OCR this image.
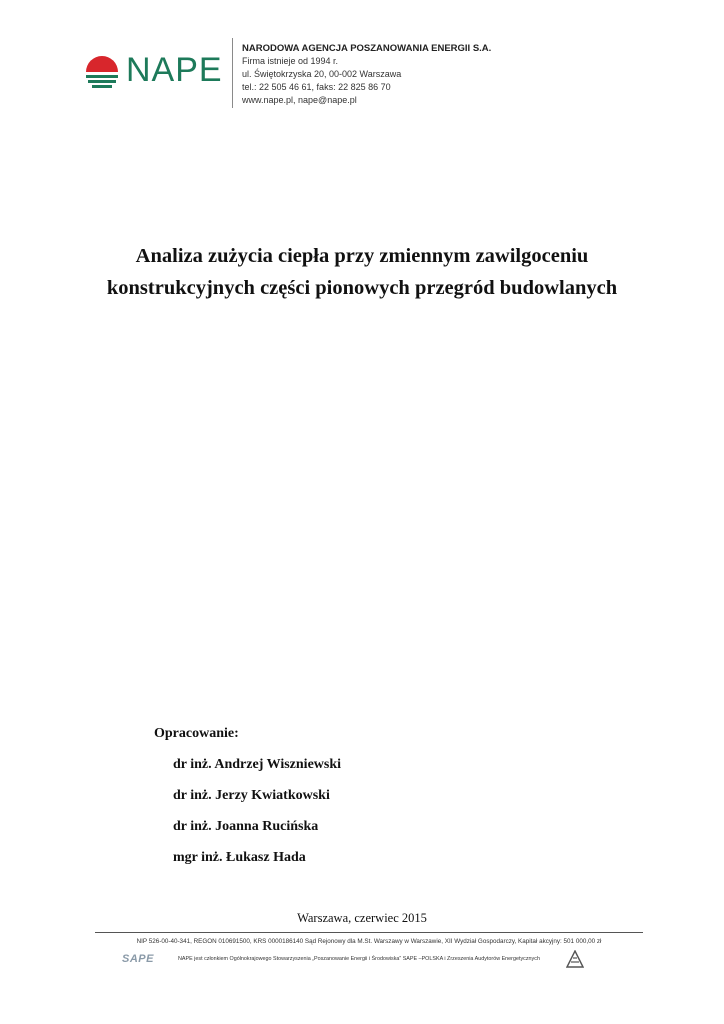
NAPE
NARODOWA AGENCJA POSZANOWANIA ENERGII S.A.
Firma istnieje od 1994 r.
ul. Świętokrzyska 20, 00-002 Warszawa
tel.: 22 505 46 61, faks: 22 825 86 70
www.nape.pl, nape@nape.pl
Analiza zużycia ciepła przy zmiennym zawilgoceniu
konstrukcyjnych części pionowych przegród budowlanych
Opracowanie:
dr inż. Andrzej Wiszniewski
dr inż. Jerzy Kwiatkowski
dr inż. Joanna Rucińska
mgr inż. Łukasz Hada
Warszawa, czerwiec 2015
NIP 526-00-40-341, REGON 010691500, KRS 0000186140 Sąd Rejonowy dla M.St. Warszawy w Warszawie, XII Wydział Gospodarczy, Kapitał akcyjny: 501 000,00 zł
SAPE	NAPE jest członkiem Ogólnokrajowego Stowarzyszenia „Poszanowanie Energii i Środowiska” SAPE –POLSKA i Zrzeszenia Audytorów Energetycznych
